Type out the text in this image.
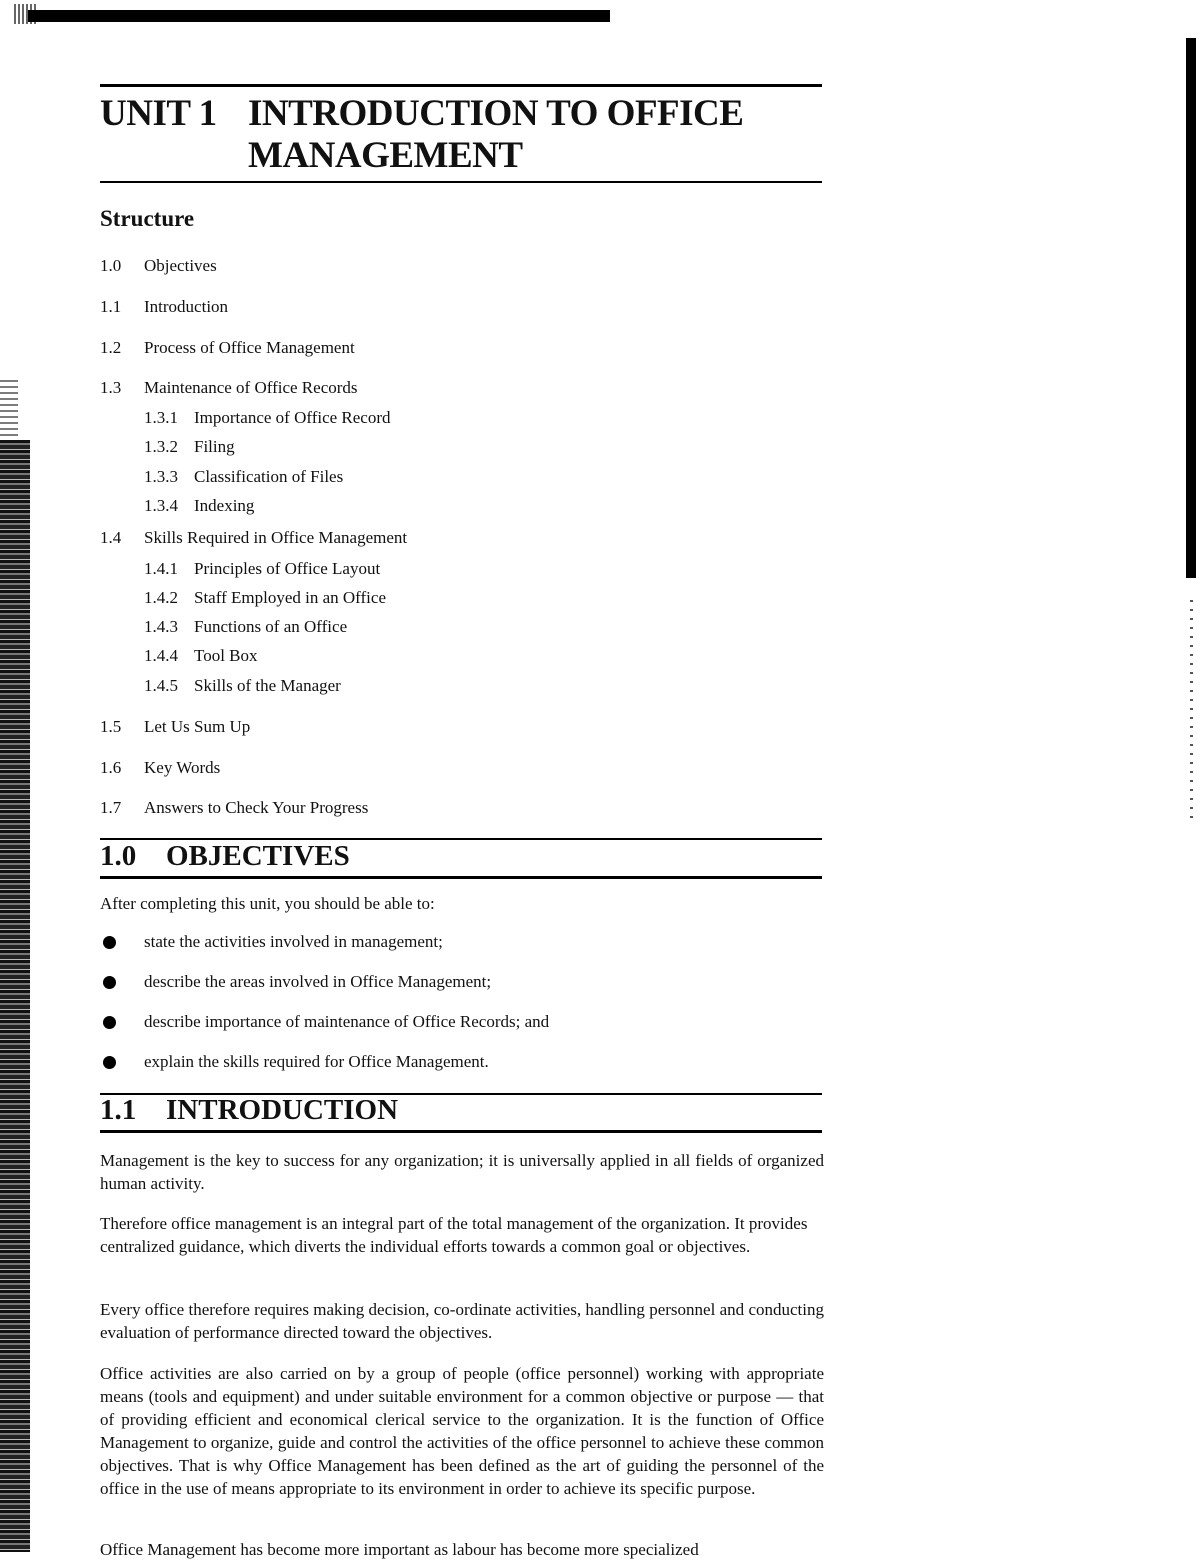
UNIT 1 INTRODUCTION TO OFFICE MANAGEMENT
Structure
1.0 Objectives
1.1 Introduction
1.2 Process of Office Management
1.3 Maintenance of Office Records
1.3.1 Importance of Office Record
1.3.2 Filing
1.3.3 Classification of Files
1.3.4 Indexing
1.4 Skills Required in Office Management
1.4.1 Principles of Office Layout
1.4.2 Staff Employed in an Office
1.4.3 Functions of an Office
1.4.4 Tool Box
1.4.5 Skills of the Manager
1.5 Let Us Sum Up
1.6 Key Words
1.7 Answers to Check Your Progress
1.0 OBJECTIVES
After completing this unit, you should be able to:
state the activities involved in management;
describe the areas involved in Office Management;
describe importance of maintenance of Office Records; and
explain the skills required for Office Management.
1.1 INTRODUCTION

Management is the key to success for any organization; it is universally applied in all fields of organized human activity.

Therefore office management is an integral part of the total management of the organization. It provides centralized guidance, which diverts the individual efforts towards a common goal or objectives.

Every office therefore requires making decision, co-ordinate activities, handling personnel and conducting evaluation of performance directed toward the objectives.

Office activities are also carried on by a group of people (office personnel) working with appropriate means (tools and equipment) and under suitable environment for a common objective or purpose — that of providing efficient and economical clerical service to the organization. It is the function of Office Management to organize, guide and control the activities of the office personnel to achieve these common objectives. That is why Office Management has been defined as the art of guiding the personnel of the office in the use of means appropriate to its environment in order to achieve its specific purpose.

Office Management has become more important as labour has become more specialized
